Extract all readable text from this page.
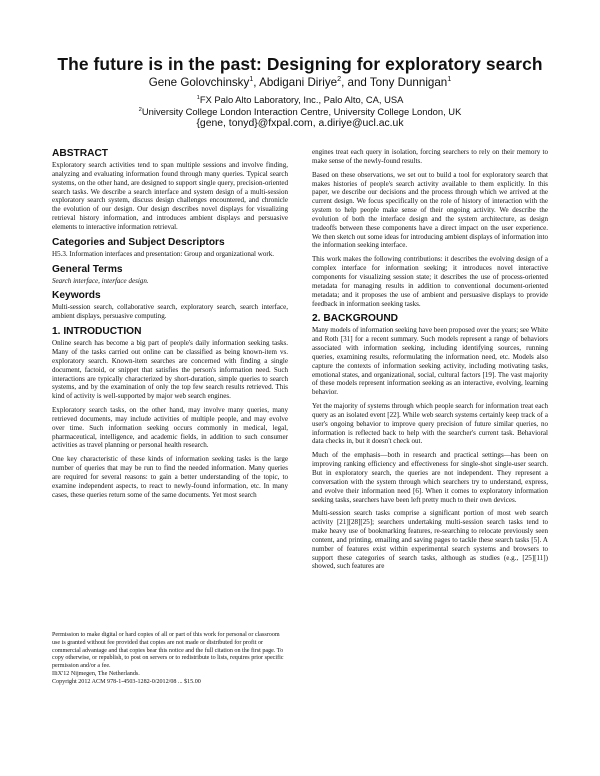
The future is in the past: Designing for exploratory search
Gene Golovchinsky$^1$, Abdigani Diriye$^2$, and Tony Dunnigan$^1$
$^1$FX Palo Alto Laboratory, Inc., Palo Alto, CA, USA
$^2$University College London Interaction Centre, University College London, UK
{gene, tonyd}@fxpal.com, a.diriye@ucl.ac.uk
ABSTRACT

Exploratory search activities tend to span multiple sessions and involve finding, analyzing and evaluating information found through many queries. Typical search systems, on the other hand, are designed to support single query, precision-oriented search tasks. We describe a search interface and system design of a multi-session exploratory search system, discuss design challenges encountered, and chronicle the evolution of our design. Our design describes novel displays for visualizing retrieval history information, and introduces ambient displays and persuasive elements to interactive information retrieval.

Categories and Subject Descriptors

H5.3. Information interfaces and presentation: Group and organizational work.

General Terms

Search interface, interface design.

Keywords

Multi-session search, collaborative search, exploratory search, search interface, ambient displays, persuasive computing.

1. INTRODUCTION

Online search has become a big part of people's daily information seeking tasks. Many of the tasks carried out online can be classified as being known-item vs. exploratory search. Known-item searches are concerned with finding a single document, factoid, or snippet that satisfies the person's information need. Such interactions are typically characterized by short-duration, simple queries to search systems, and by the examination of only the top few search results retrieved. This kind of activity is well-supported by major web search engines.

Exploratory search tasks, on the other hand, may involve many queries, many retrieved documents, may include activities of multiple people, and may evolve over time. Such information seeking occurs commonly in medical, legal, pharmaceutical, intelligence, and academic fields, in addition to such consumer activities as travel planning or personal health research.

One key characteristic of these kinds of information seeking tasks is the large number of queries that may be run to find the needed information. Many queries are required for several reasons: to gain a better understanding of the topic, to examine independent aspects, to react to newly-found information, etc. In many cases, these queries return some of the same documents. Yet most search

Permission to make digital or hard copies of all or part of this work for personal or classroom use is granted without fee provided that copies are not made or distributed for profit or commercial advantage and that copies bear this notice and the full citation on the first page. To copy otherwise, or republish, to post on servers or to redistribute to lists, requires prior specific permission and/or a fee.
IIiX'12 Nijmegen, The Netherlands.
Copyright 2012 ACM 978-1-4503-1282-0/2012/08 ... $15.00

engines treat each query in isolation, forcing searchers to rely on their memory to make sense of the newly-found results.

Based on these observations, we set out to build a tool for exploratory search that makes histories of people's search activity available to them explicitly. In this paper, we describe our decisions and the process through which we arrived at the current design. We focus specifically on the role of history of interaction with the system to help people make sense of their ongoing activity. We describe the evolution of both the interface design and the system architecture, as design tradeoffs between these components have a direct impact on the user experience. We then sketch out some ideas for introducing ambient displays of information into the information seeking interface.

This work makes the following contributions: it describes the evolving design of a complex interface for information seeking; it introduces novel interactive components for visualizing session state; it describes the use of process-oriented metadata for managing results in addition to conventional document-oriented metadata; and it proposes the use of ambient and persuasive displays to provide feedback in information seeking tasks.

2. BACKGROUND

Many models of information seeking have been proposed over the years; see White and Roth [31] for a recent summary. Such models represent a range of behaviors associated with information seeking, including identifying sources, running queries, examining results, reformulating the information need, etc. Models also capture the contexts of information seeking activity, including motivating tasks, emotional states, and organizational, social, cultural factors [19]. The vast majority of these models represent information seeking as an interactive, evolving, learning behavior.

Yet the majority of systems through which people search for information treat each query as an isolated event [22]. While web search systems certainly keep track of a user's ongoing behavior to improve query precision of future similar queries, no information is reflected back to help with the searcher's current task. Behavioral data checks in, but it doesn't check out.

Much of the emphasis—both in research and practical settings—has been on improving ranking efficiency and effectiveness for single-shot single-user search. But in exploratory search, the queries are not independent. They represent a conversation with the system through which searchers try to understand, express, and evolve their information need [6]. When it comes to exploratory information seeking tasks, searchers have been left pretty much to their own devices.

Multi-session search tasks comprise a significant portion of most web search activity [21][28][25]; searchers undertaking multi-session search tasks tend to make heavy use of bookmarking features, re-searching to relocate previously seen content, and printing, emailing and saving pages to tackle these search tasks [5]. A number of features exist within experimental search systems and browsers to support these categories of search tasks, although as studies (e.g., [25][11]) showed, such features are
